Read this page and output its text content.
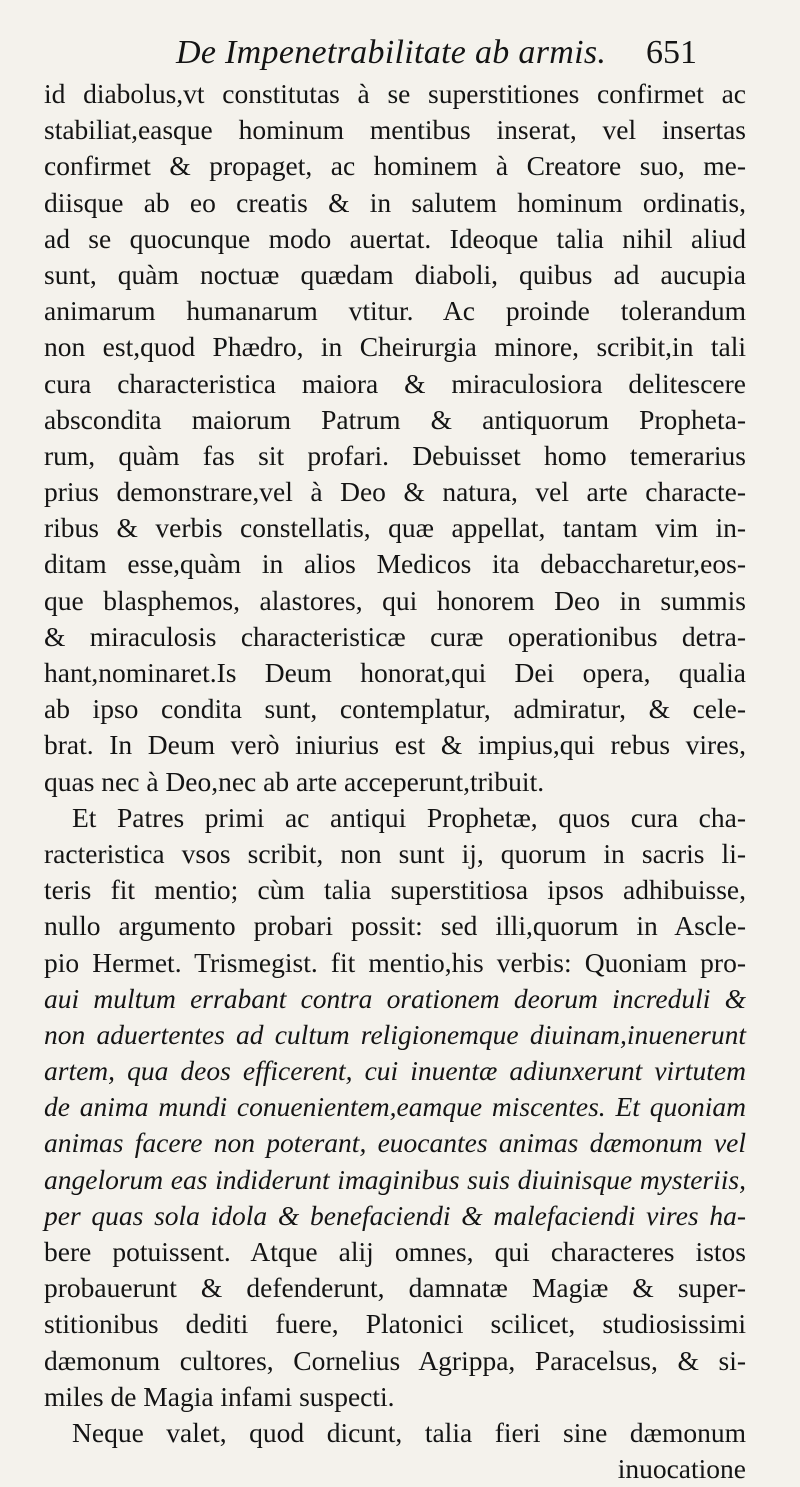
De Impenetrabilitate ab armis. 651
id diabolus,vt constitutas à se superstitiones confirmet ac
stabiliat,easque hominum mentibus inserat, vel insertas
confirmet & propaget, ac hominem à Creatore suo, me-
diisque ab eo creatis & in salutem hominum ordinatis,
ad se quocunque modo auertat. Ideoque talia nihil aliud
sunt, quàm noctuæ quædam diaboli, quibus ad aucupia
animarum humanarum vtitur. Ac proinde tolerandum
non est,quod Phædro, in Cheirurgia minore, scribit,in tali
cura characteristica maiora & miraculosiora delitescere
abscondita maiorum Patrum & antiquorum Propheta-
rum, quàm fas sit profari. Debuisset homo temerarius
prius demonstrare,vel à Deo & natura, vel arte characte-
ribus & verbis constellatis, quæ appellat, tantam vim in-
ditam esse,quàm in alios Medicos ita debaccharetur,eos-
que blasphemos, alastores, qui honorem Deo in summis
& miraculosis characteristicæ curæ operationibus detra-
hant,nominaret.Is Deum honorat,qui Dei opera, qualia
ab ipso condita sunt, contemplatur, admiratur, & cele-
brat. In Deum verò iniurius est & impius,qui rebus vires,
quas nec à Deo,nec ab arte acceperunt,tribuit.
Et Patres primi ac antiqui Prophetæ, quos cura cha-
racteristica vsos scribit, non sunt ij, quorum in sacris li-
teris fit mentio; cùm talia superstitiosa ipsos adhibuisse,
nullo argumento probari possit: sed illi,quorum in Ascle-
pio Hermet. Trismegist. fit mentio,his verbis: Quoniam pro-
aui multum errabant contra orationem deorum increduli &
non aduertentes ad cultum religionemque diuinam,inuenerunt
artem, qua deos efficerent, cui inuentæ adiunxerunt virtutem
de anima mundi conuenientem,eamque miscentes. Et quoniam
animas facere non poterant, euocantes animas dæmonum vel
angelorum eas indiderunt imaginibus suis diuinisque mysteriis,
per quas sola idola & benefaciendi & malefaciendi vires ha-
bere potuissent. Atque alij omnes, qui characteres istos
probauerunt & defenderunt, damnatæ Magiæ & super-
stitionibus dediti fuere, Platonici scilicet, studiosissimi
dæmonum cultores, Cornelius Agrippa, Paracelsus, & si-
miles de Magia infami suspecti.
Neque valet, quod dicunt, talia fieri sine dæmonum
inuocatione
